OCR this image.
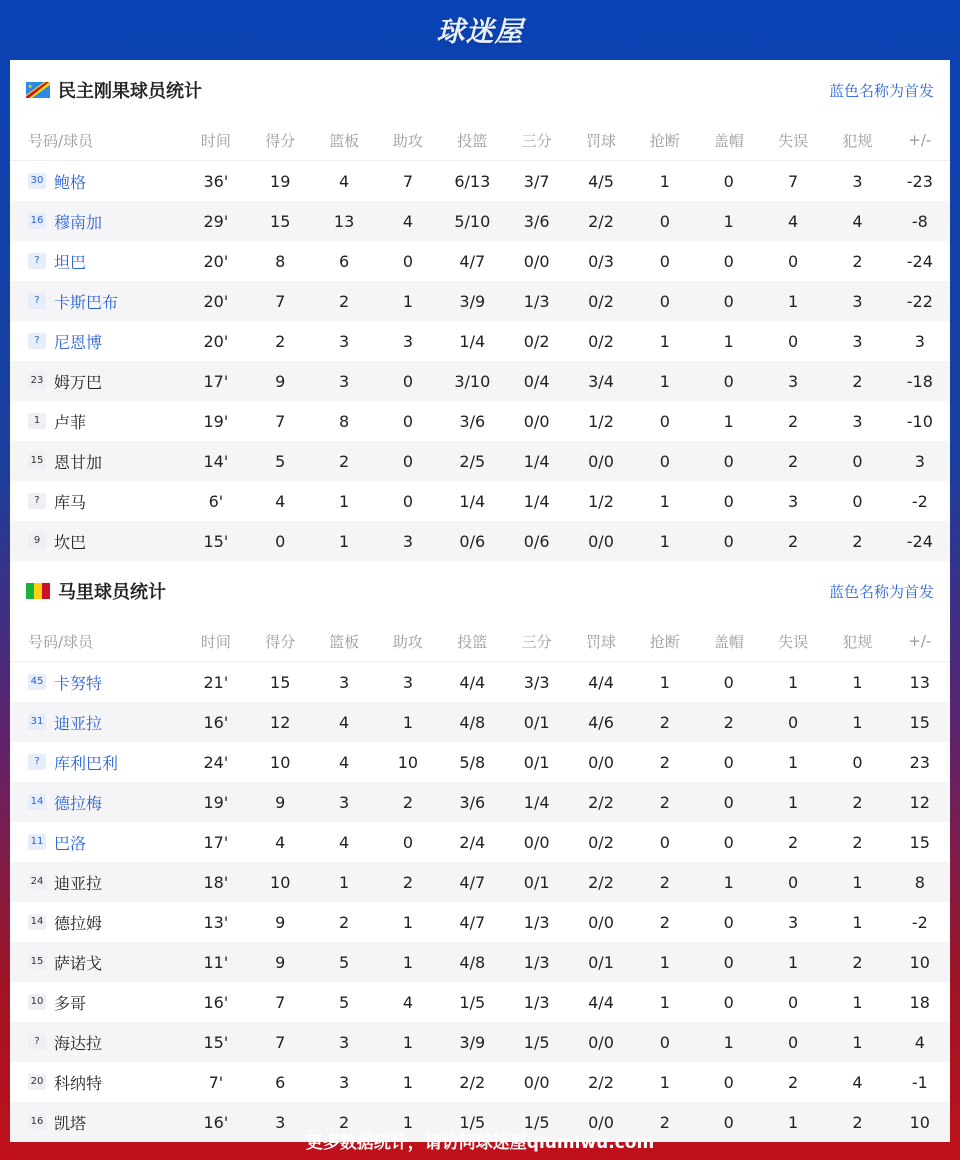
球迷屋
民主刚果球员统计	蓝色名称为首发
号码/球员	时间	得分	篮板	助攻	投篮	三分	罚球	抢断	盖帽	失误	犯规	+/-
30 鲍格	36'	19	4	7	6/13	3/7	4/5	1	0	7	3	-23
16 穆南加	29'	15	13	4	5/10	3/6	2/2	0	1	4	4	-8
? 坦巴	20'	8	6	0	4/7	0/0	0/3	0	0	0	2	-24
? 卡斯巴布	20'	7	2	1	3/9	1/3	0/2	0	0	1	3	-22
? 尼恩博	20'	2	3	3	1/4	0/2	0/2	1	1	0	3	3
23 姆万巴	17'	9	3	0	3/10	0/4	3/4	1	0	3	2	-18
1 卢菲	19'	7	8	0	3/6	0/0	1/2	0	1	2	3	-10
15 恩甘加	14'	5	2	0	2/5	1/4	0/0	0	0	2	0	3
? 库马	6'	4	1	0	1/4	1/4	1/2	1	0	3	0	-2
9 坎巴	15'	0	1	3	0/6	0/6	0/0	1	0	2	2	-24
马里球员统计	蓝色名称为首发
号码/球员	时间	得分	篮板	助攻	投篮	三分	罚球	抢断	盖帽	失误	犯规	+/-
45 卡努特	21'	15	3	3	4/4	3/3	4/4	1	0	1	1	13
31 迪亚拉	16'	12	4	1	4/8	0/1	4/6	2	2	0	1	15
? 库利巴利	24'	10	4	10	5/8	0/1	0/0	2	0	1	0	23
14 德拉梅	19'	9	3	2	3/6	1/4	2/2	2	0	1	2	12
11 巴洛	17'	4	4	0	2/4	0/0	0/2	0	0	2	2	15
24 迪亚拉	18'	10	1	2	4/7	0/1	2/2	2	1	0	1	8
14 德拉姆	13'	9	2	1	4/7	1/3	0/0	2	0	3	1	-2
15 萨诺戈	11'	9	5	1	4/8	1/3	0/1	1	0	1	2	10
10 多哥	16'	7	5	4	1/5	1/3	4/4	1	0	0	1	18
? 海达拉	15'	7	3	1	3/9	1/5	0/0	0	1	0	1	4
20 科纳特	7'	6	3	1	2/2	0/0	2/2	1	0	2	4	-1
16 凯塔	16'	3	2	1	1/5	1/5	0/0	2	0	1	2	10
更多数据统计，请访问球迷屋qiumiwu.com
